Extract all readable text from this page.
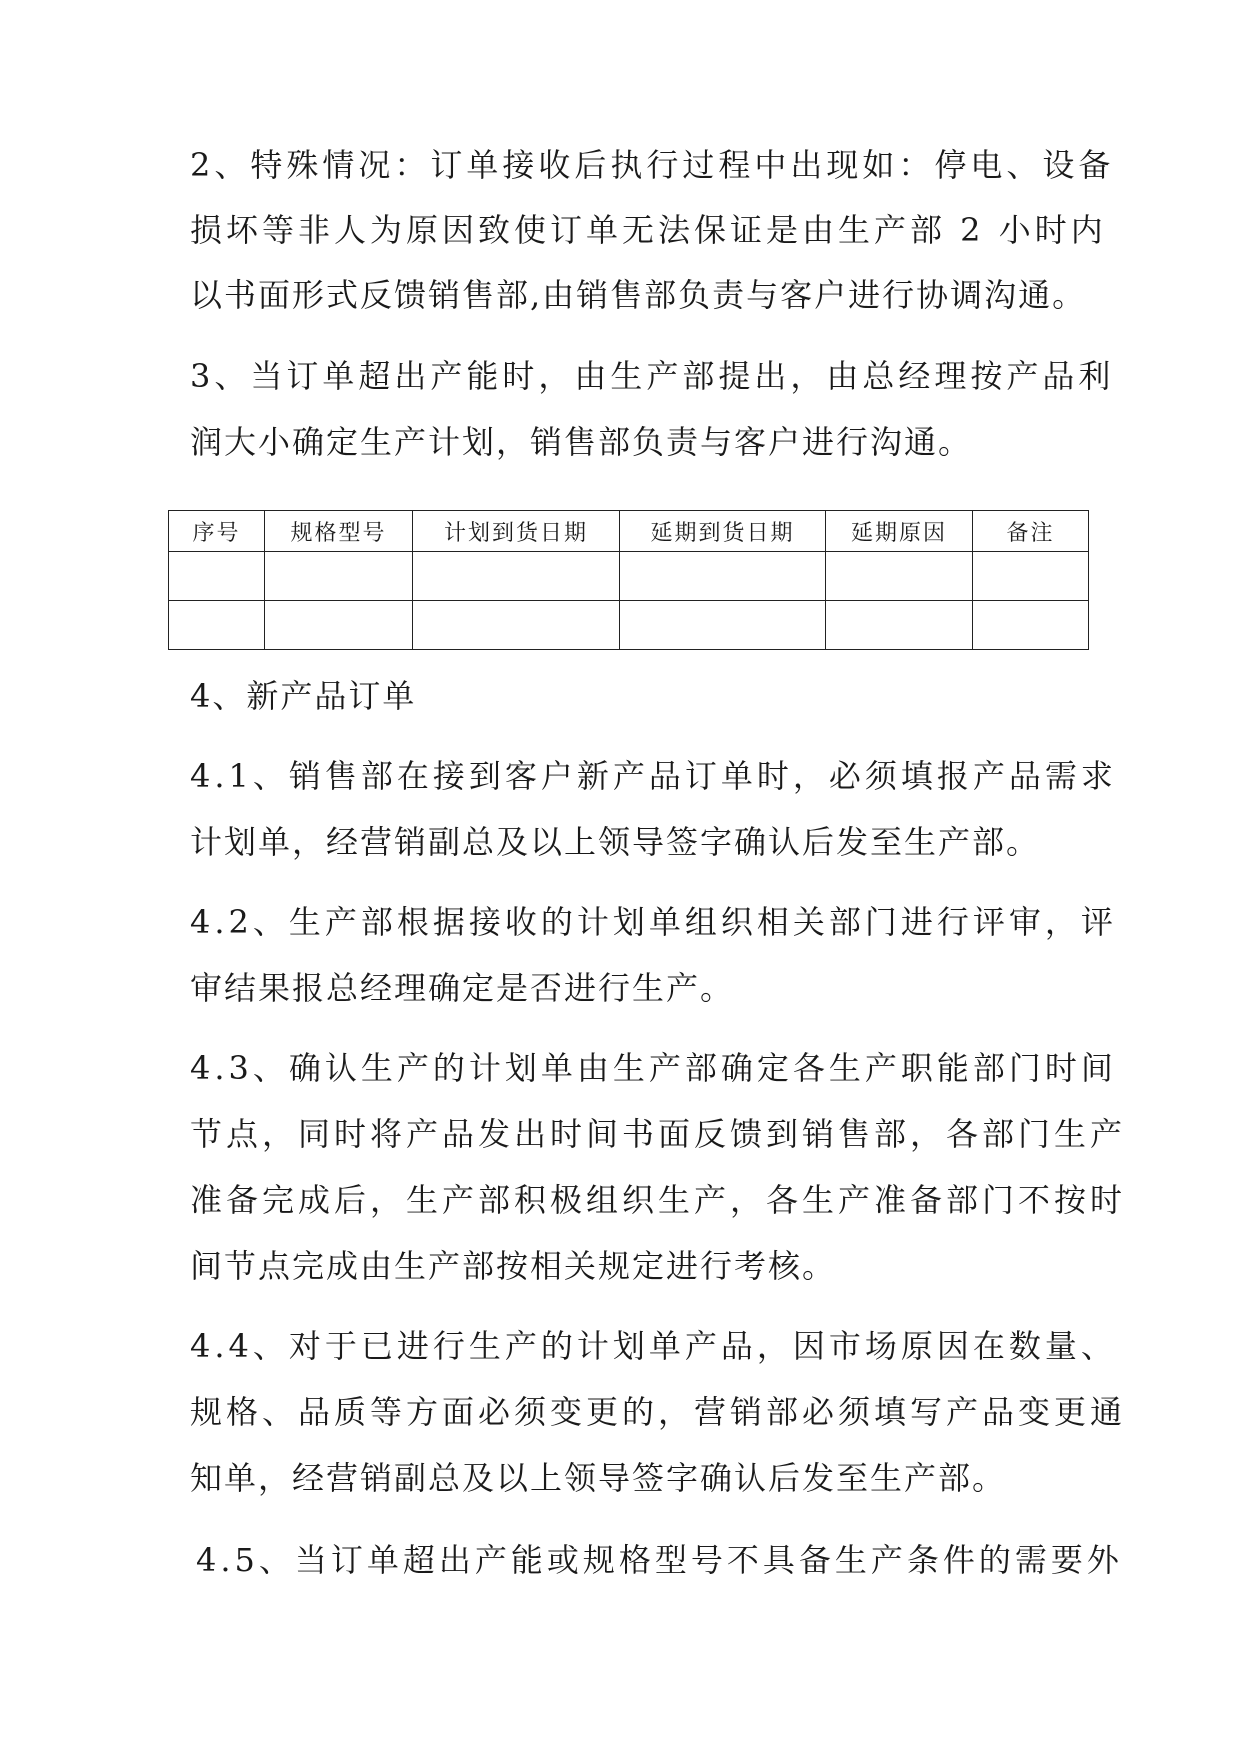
2、特殊情况：订单接收后执行过程中出现如：停电、设备
损坏等非人为原因致使订单无法保证是由生产部 2 小时内
以书面形式反馈销售部,由销售部负责与客户进行协调沟通。
3、当订单超出产能时，由生产部提出，由总经理按产品利
润大小确定生产计划，销售部负责与客户进行沟通。
序号	规格型号	计划到货日期	延期到货日期	延期原因	备注

4、新产品订单
4.1、销售部在接到客户新产品订单时，必须填报产品需求
计划单，经营销副总及以上领导签字确认后发至生产部。
4.2、生产部根据接收的计划单组织相关部门进行评审，评
审结果报总经理确定是否进行生产。
4.3、确认生产的计划单由生产部确定各生产职能部门时间
节点，同时将产品发出时间书面反馈到销售部，各部门生产
准备完成后，生产部积极组织生产，各生产准备部门不按时
间节点完成由生产部按相关规定进行考核。
4.4、对于已进行生产的计划单产品，因市场原因在数量、
规格、品质等方面必须变更的，营销部必须填写产品变更通
知单，经营销副总及以上领导签字确认后发至生产部。
4.5、当订单超出产能或规格型号不具备生产条件的需要外
